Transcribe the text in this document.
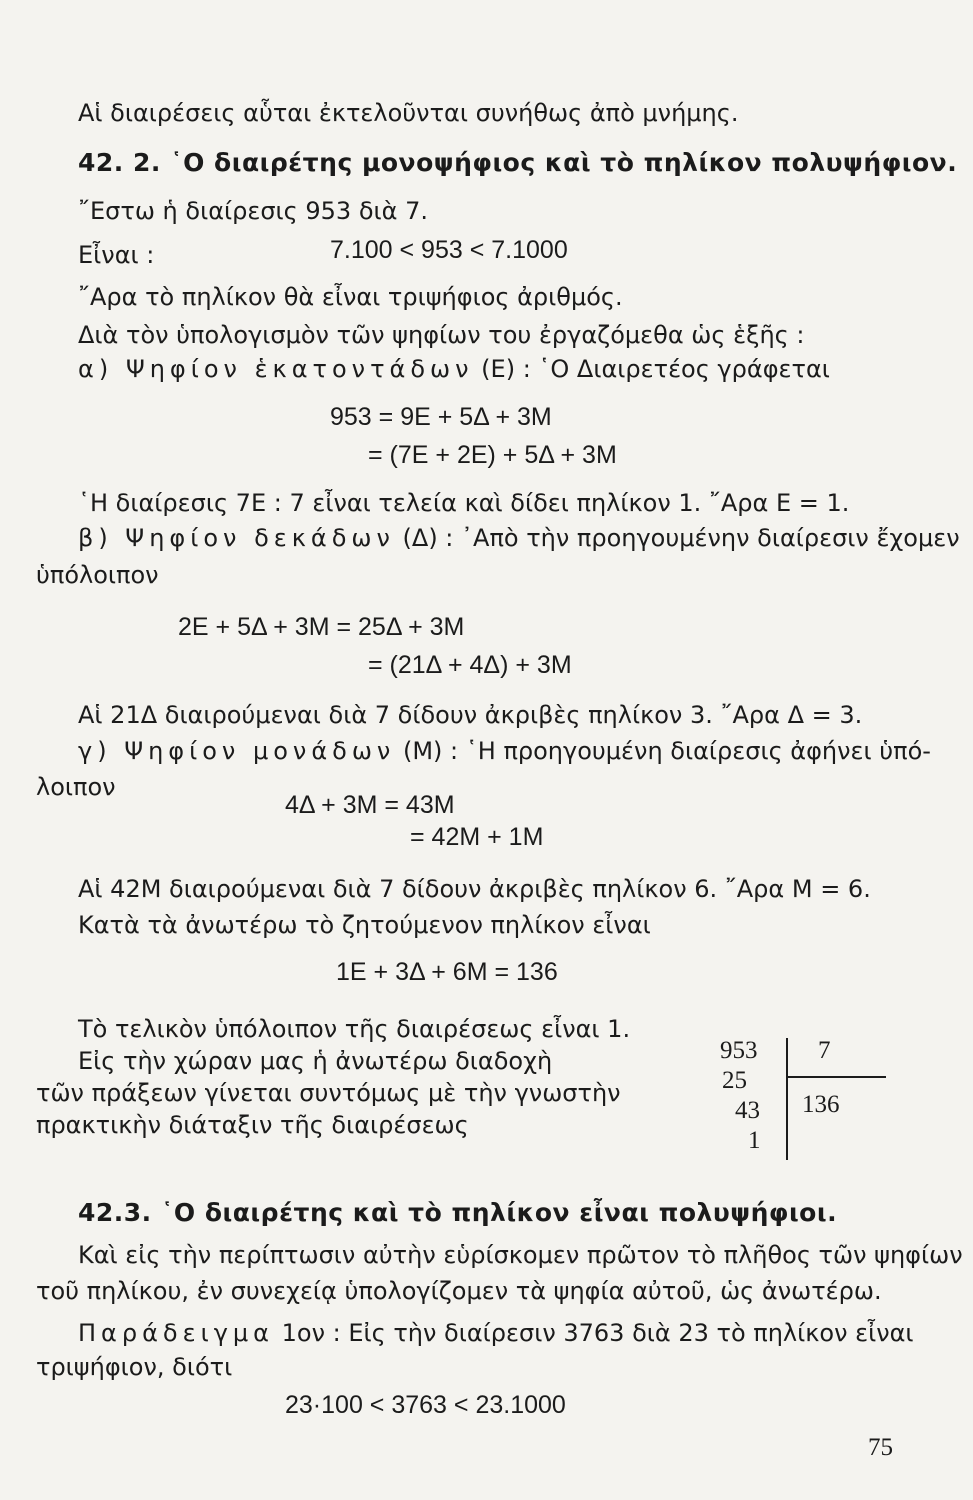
Αἱ διαιρέσεις αὗται ἐκτελοῦνται συνήθως ἀπὸ μνήμης.
42. 2. ῾Ο διαιρέτης μονοψήφιος καὶ τὸ πηλίκον πολυψήφιον.
῎Εστω ἡ διαίρεσις 953 διὰ 7.
Εἶναι :	7.100 < 953 < 7.1000
῎Αρα τὸ πηλίκον θὰ εἶναι τριψήφιος ἀριθμός.
Διὰ τὸν ὑπολογισμὸν τῶν ψηφίων του ἐργαζόμεθα ὡς ἑξῆς :
α) Ψηφίον ἑκατοντάδων (Ε) : ῾Ο Διαιρετέος γράφεται
953 = 9Ε + 5Δ + 3Μ
= (7Ε + 2Ε) + 5Δ + 3Μ
῾Η διαίρεσις 7Ε : 7 εἶναι τελεία καὶ δίδει πηλίκον 1. ῎Αρα Ε = 1.
β) Ψηφίον δεκάδων (Δ) : ᾿Απὸ τὴν προηγουμένην διαίρεσιν ἔχομεν
ὑπόλοιπον
2Ε + 5Δ + 3Μ = 25Δ + 3Μ
= (21Δ + 4Δ) + 3Μ
Αἱ 21Δ διαιρούμεναι διὰ 7 δίδουν ἀκριβὲς πηλίκον 3. ῎Αρα Δ = 3.
γ) Ψηφίον μονάδων (Μ) : ῾Η προηγουμένη διαίρεσις ἀφήνει ὑπό-
λοιπον
4Δ + 3Μ = 43Μ
= 42Μ + 1Μ
Αἱ 42Μ διαιρούμεναι διὰ 7 δίδουν ἀκριβὲς πηλίκον 6. ῎Αρα Μ = 6.
Κατὰ τὰ ἀνωτέρω τὸ ζητούμενον πηλίκον εἶναι
1Ε + 3Δ + 6Μ = 136
Τὸ τελικὸν ὑπόλοιπον τῆς διαιρέσεως εἶναι 1.
Εἰς τὴν χώραν μας ἡ ἀνωτέρω διαδοχὴ
τῶν πράξεων γίνεται συντόμως μὲ τὴν γνωστὴν
πρακτικὴν διάταξιν τῆς διαιρέσεως
953 7
25
136
43
1
42.3. ῾Ο διαιρέτης καὶ τὸ πηλίκον εἶναι πολυψήφιοι.
Καὶ εἰς τὴν περίπτωσιν αὐτὴν εὑρίσκομεν πρῶτον τὸ πλῆθος τῶν ψηφίων
τοῦ πηλίκου, ἐν συνεχείᾳ ὑπολογίζομεν τὰ ψηφία αὐτοῦ, ὡς ἀνωτέρω.
Παράδειγμα 1ον : Εἰς τὴν διαίρεσιν 3763 διὰ 23 τὸ πηλίκον εἶναι
τριψήφιον, διότι
23·100 < 3763 < 23.1000
75
